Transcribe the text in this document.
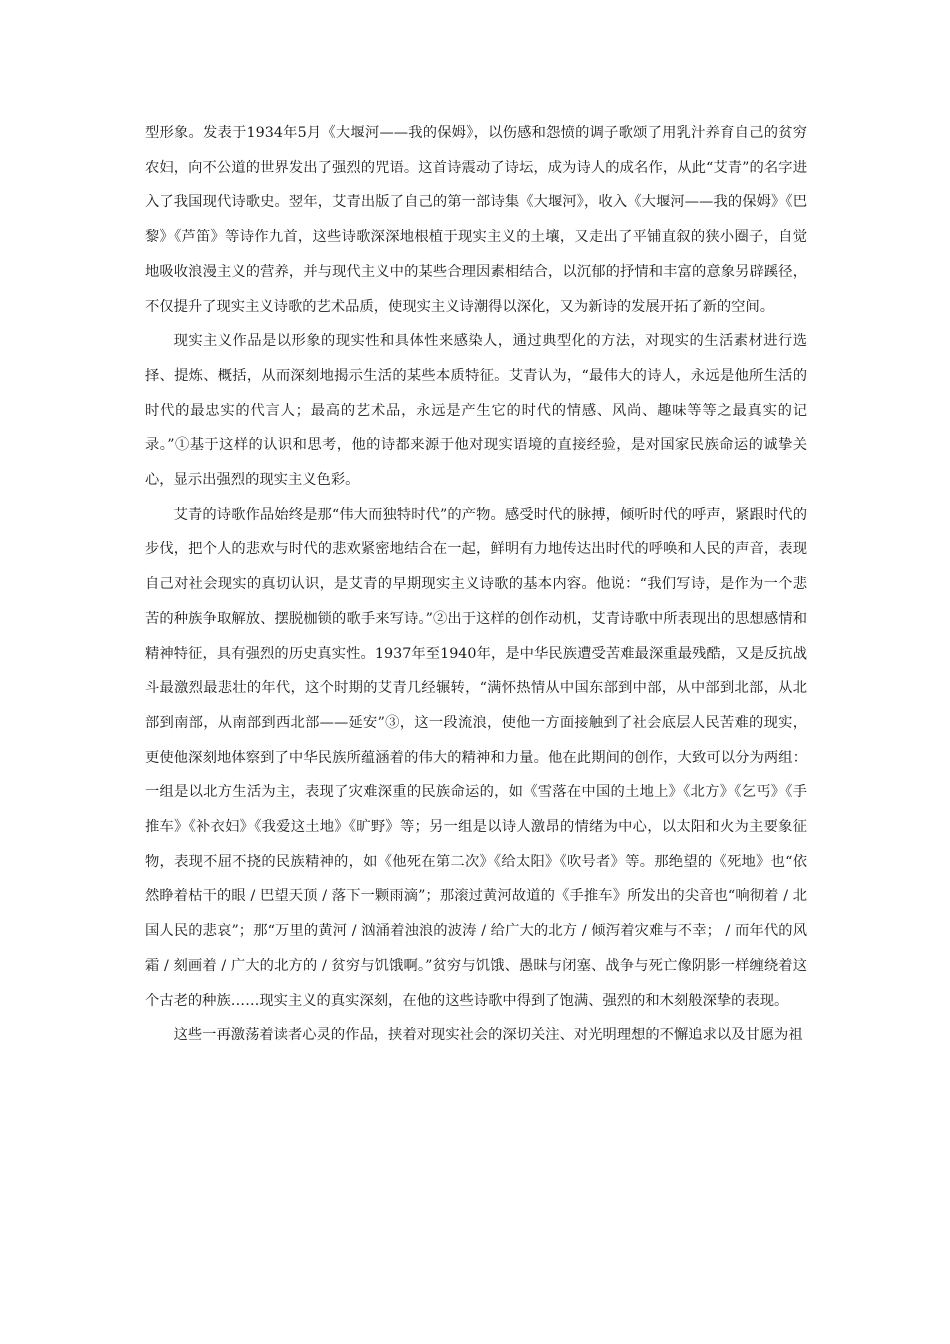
型形象。发表于1934年5月《大堰河——我的保姆》，以伤感和怨愤的调子歌颂了用乳汁养育自己的贫穷农妇，向不公道的世界发出了强烈的咒语。这首诗震动了诗坛，成为诗人的成名作，从此“艾青”的名字进入了我国现代诗歌史。翌年，艾青出版了自己的第一部诗集《大堰河》，收入《大堰河——我的保姆》《巴黎》《芦笛》等诗作九首，这些诗歌深深地根植于现实主义的土壤，又走出了平铺直叙的狭小圈子，自觉地吸收浪漫主义的营养，并与现代主义中的某些合理因素相结合，以沉郁的抒情和丰富的意象另辟蹊径，不仅提升了现实主义诗歌的艺术品质，使现实主义诗潮得以深化，又为新诗的发展开拓了新的空间。

现实主义作品是以形象的现实性和具体性来感染人，通过典型化的方法，对现实的生活素材进行选择、提炼、概括，从而深刻地揭示生活的某些本质特征。艾青认为，“最伟大的诗人，永远是他所生活的时代的最忠实的代言人；最高的艺术品，永远是产生它的时代的情感、风尚、趣味等等之最真实的记录。”①基于这样的认识和思考，他的诗都来源于他对现实语境的直接经验，是对国家民族命运的诚挚关心，显示出强烈的现实主义色彩。

艾青的诗歌作品始终是那“伟大而独特时代”的产物。感受时代的脉搏，倾听时代的呼声，紧跟时代的步伐，把个人的悲欢与时代的悲欢紧密地结合在一起，鲜明有力地传达出时代的呼唤和人民的声音，表现自己对社会现实的真切认识，是艾青的早期现实主义诗歌的基本内容。他说：“我们写诗，是作为一个悲苦的种族争取解放、摆脱枷锁的歌手来写诗。”②出于这样的创作动机，艾青诗歌中所表现出的思想感情和精神特征，具有强烈的历史真实性。1937年至1940年，是中华民族遭受苦难最深重最残酷，又是反抗战斗最激烈最悲壮的年代，这个时期的艾青几经辗转，“满怀热情从中国东部到中部，从中部到北部，从北部到南部，从南部到西北部——延安”③，这一段流浪，使他一方面接触到了社会底层人民苦难的现实，更使他深刻地体察到了中华民族所蕴涵着的伟大的精神和力量。他在此期间的创作，大致可以分为两组：一组是以北方生活为主，表现了灾难深重的民族命运的，如《雪落在中国的土地上》《北方》《乞丐》《手推车》《补衣妇》《我爱这土地》《旷野》等；另一组是以诗人激昂的情绪为中心，以太阳和火为主要象征物，表现不屈不挠的民族精神的，如《他死在第二次》《给太阳》《吹号者》等。那绝望的《死地》也“依然睁着枯干的眼 / 巴望天顶 / 落下一颗雨滴”；那滚过黄河故道的《手推车》所发出的尖音也“响彻着 / 北国人民的悲哀”；那“万里的黄河 / 汹涌着浊浪的波涛 / 给广大的北方 / 倾泻着灾难与不幸； / 而年代的风霜 / 刻画着 / 广大的北方的 / 贫穷与饥饿啊。”贫穷与饥饿、愚昧与闭塞、战争与死亡像阴影一样缠绕着这个古老的种族……现实主义的真实深刻，在他的这些诗歌中得到了饱满、强烈的和木刻般深挚的表现。

这些一再激荡着读者心灵的作品，挟着对现实社会的深切关注、对光明理想的不懈追求以及甘愿为祖
